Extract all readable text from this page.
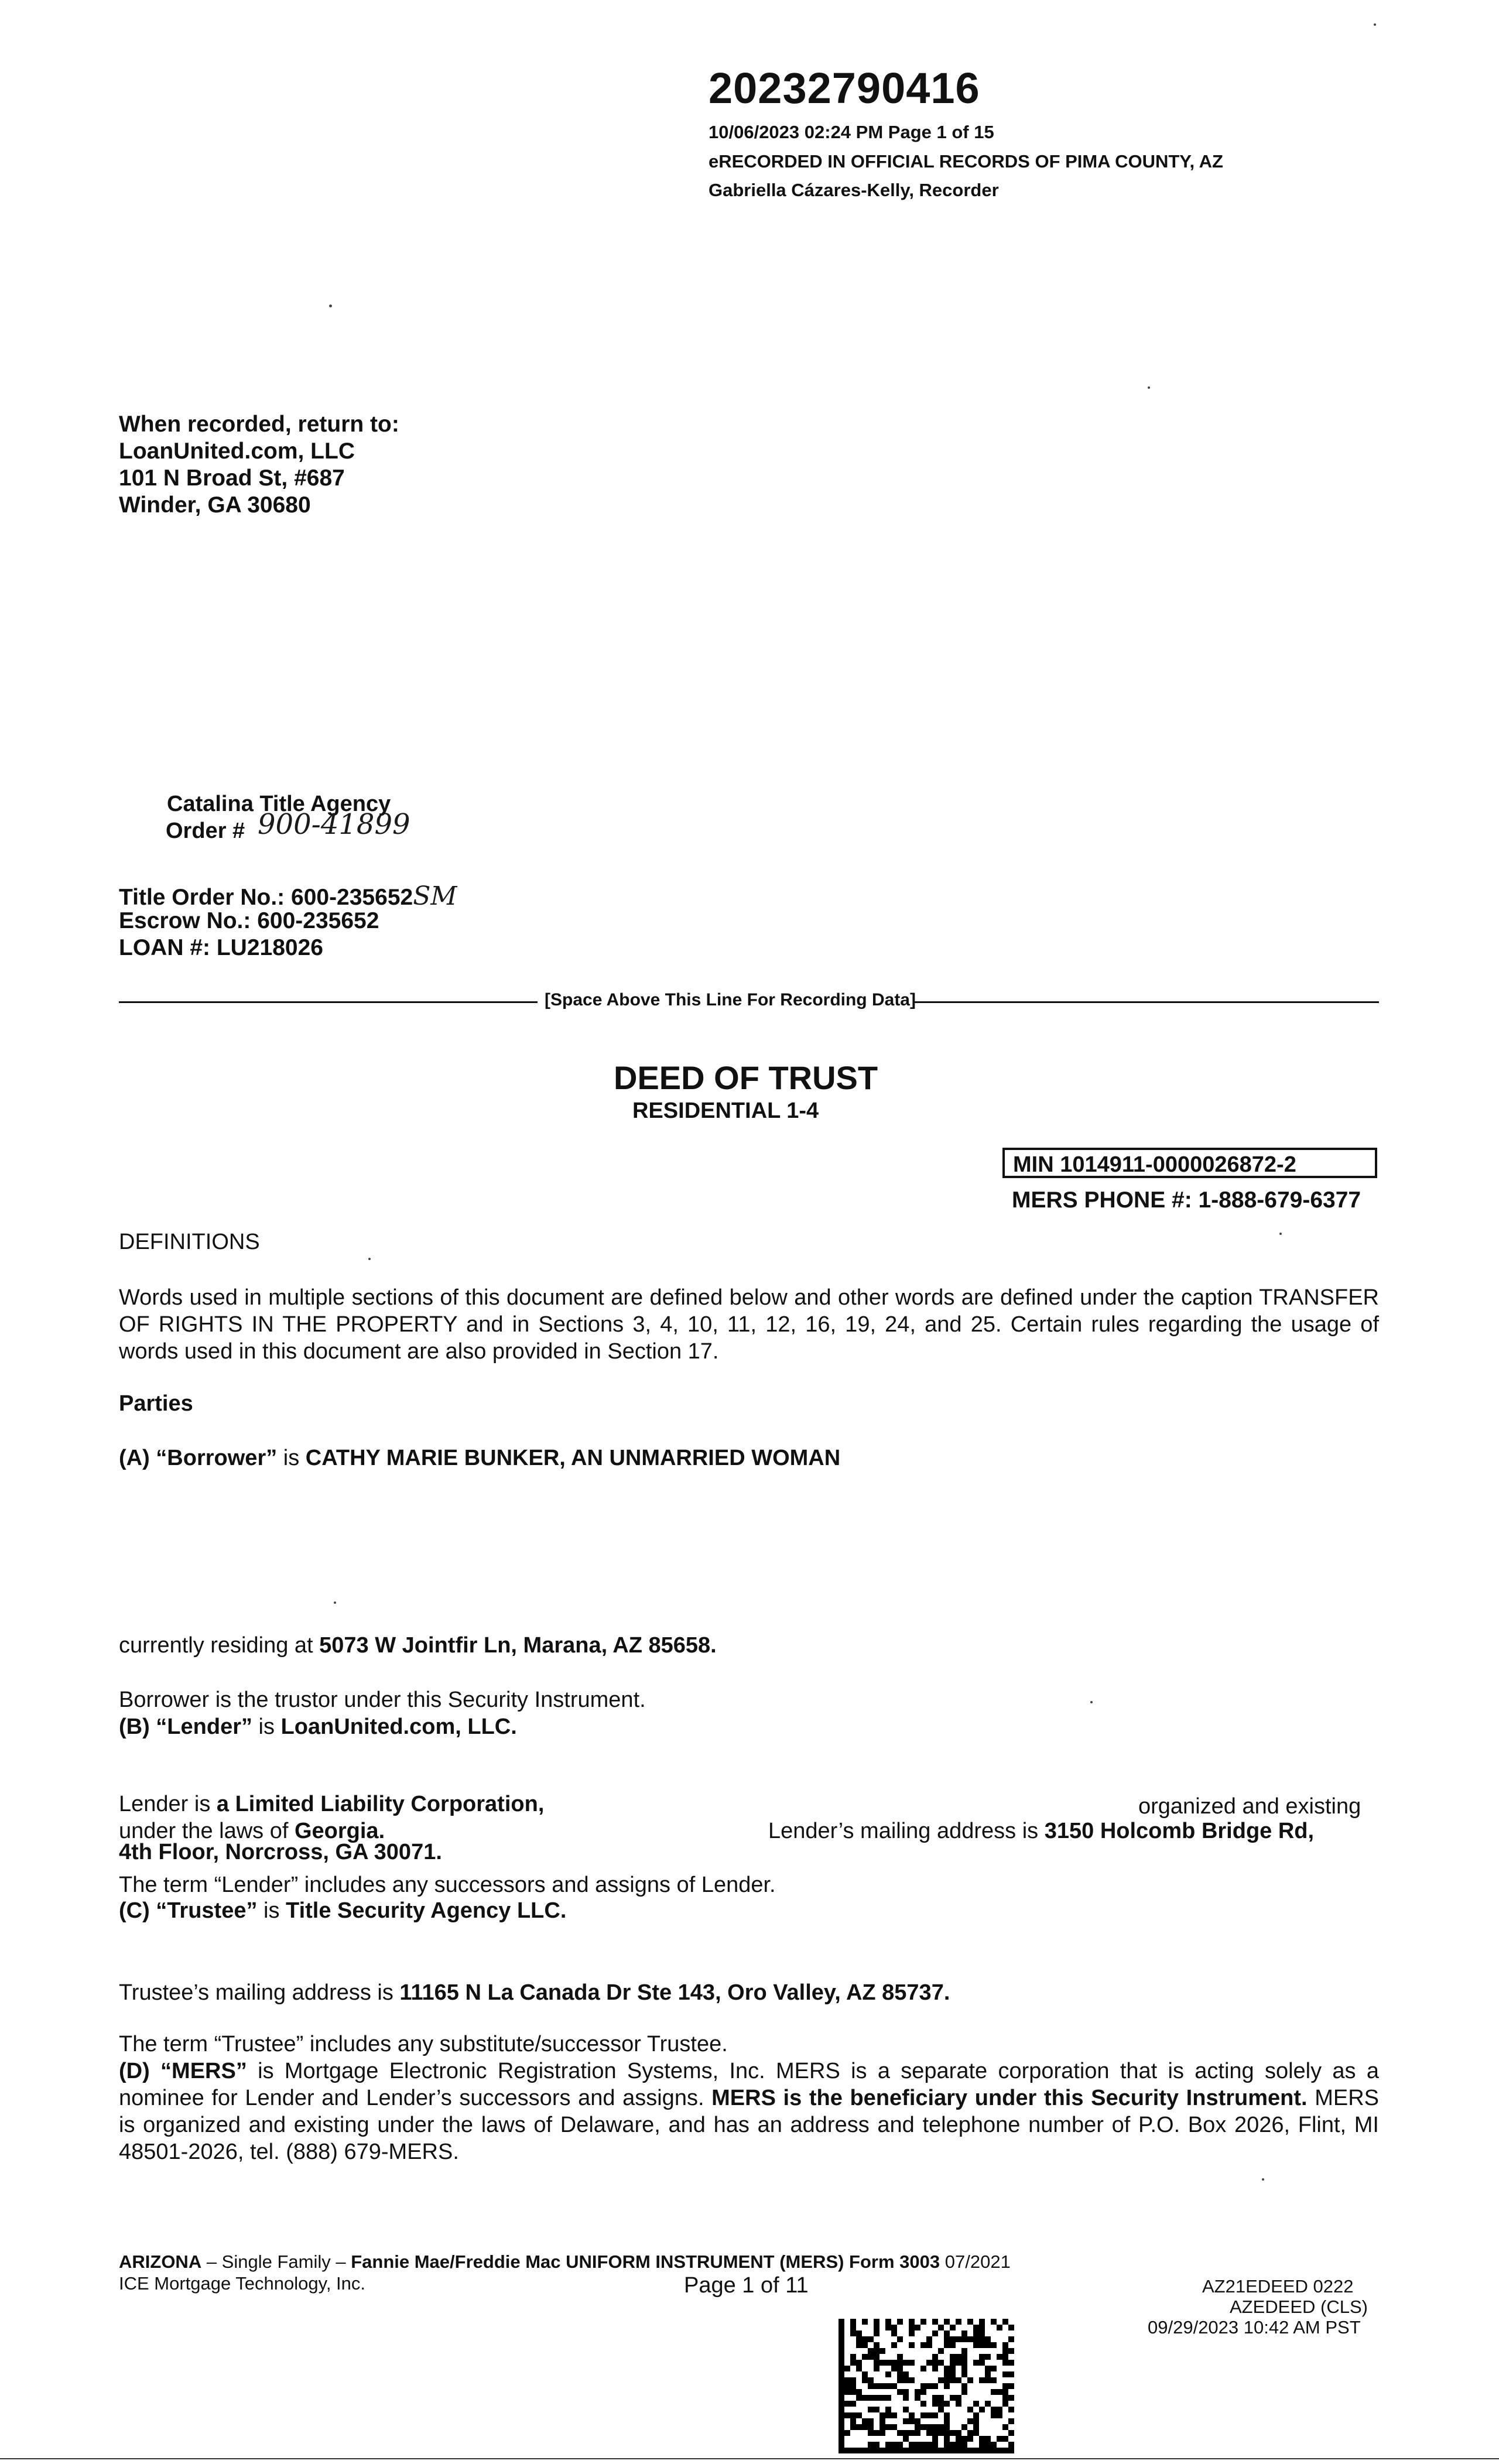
20232790416
10/06/2023 02:24 PM Page 1 of 15
eRECORDED IN OFFICIAL RECORDS OF PIMA COUNTY, AZ
Gabriella Cázares-Kelly, Recorder
When recorded, return to:
LoanUnited.com, LLC
101 N Broad St, #687
Winder, GA 30680
Catalina Title Agency
Order # 900-41899
Title Order No.: 600-235652SM
Escrow No.: 600-235652
LOAN #: LU218026
[Space Above This Line For Recording Data]
DEED OF TRUST
RESIDENTIAL 1-4
MIN 1014911-0000026872-2
MERS PHONE #: 1-888-679-6377
DEFINITIONS
Words used in multiple sections of this document are defined below and other words are defined under the caption TRANSFER OF RIGHTS IN THE PROPERTY and in Sections 3, 4, 10, 11, 12, 16, 19, 24, and 25. Certain rules regarding the usage of words used in this document are also provided in Section 17.
Parties
(A) “Borrower” is CATHY MARIE BUNKER, AN UNMARRIED WOMAN
currently residing at 5073 W Jointfir Ln, Marana, AZ 85658.
Borrower is the trustor under this Security Instrument.
(B) “Lender” is LoanUnited.com, LLC.
Lender is a Limited Liability Corporation,	organized and existing
under the laws of Georgia.	Lender’s mailing address is 3150 Holcomb Bridge Rd,
4th Floor, Norcross, GA 30071.
The term “Lender” includes any successors and assigns of Lender.
(C) “Trustee” is Title Security Agency LLC.
Trustee’s mailing address is 11165 N La Canada Dr Ste 143, Oro Valley, AZ 85737.
The term “Trustee” includes any substitute/successor Trustee.
(D) “MERS” is Mortgage Electronic Registration Systems, Inc. MERS is a separate corporation that is acting solely as a nominee for Lender and Lender’s successors and assigns. MERS is the beneficiary under this Security Instrument. MERS is organized and existing under the laws of Delaware, and has an address and telephone number of P.O. Box 2026, Flint, MI 48501-2026, tel. (888) 679-MERS.
ARIZONA – Single Family – Fannie Mae/Freddie Mac UNIFORM INSTRUMENT (MERS) Form 3003 07/2021
ICE Mortgage Technology, Inc.	Page 1 of 11	AZ21EDEED 0222
AZEDEED (CLS)
09/29/2023 10:42 AM PST
